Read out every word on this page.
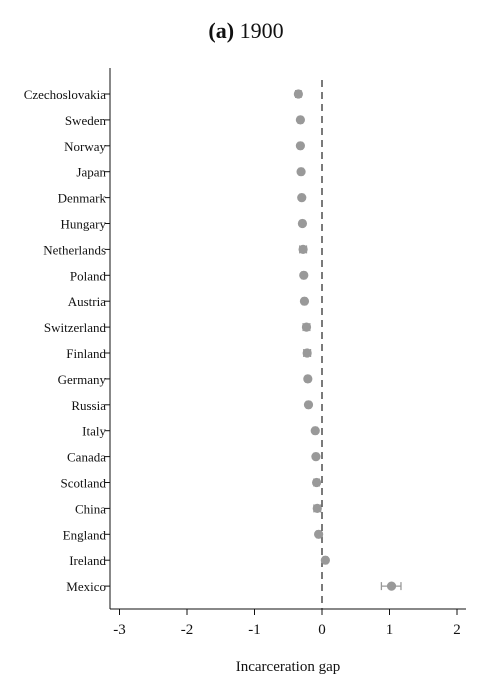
(a) 1900
Czechoslovakia
Sweden
Norway
Japan
Denmark
Hungary
Netherlands
Poland
Austria
Switzerland
Finland
Germany
Russia
Italy
Canada
Scotland
China
England
Ireland
Mexico
-3	-2	-1	0	1	2
Incarceration gap
